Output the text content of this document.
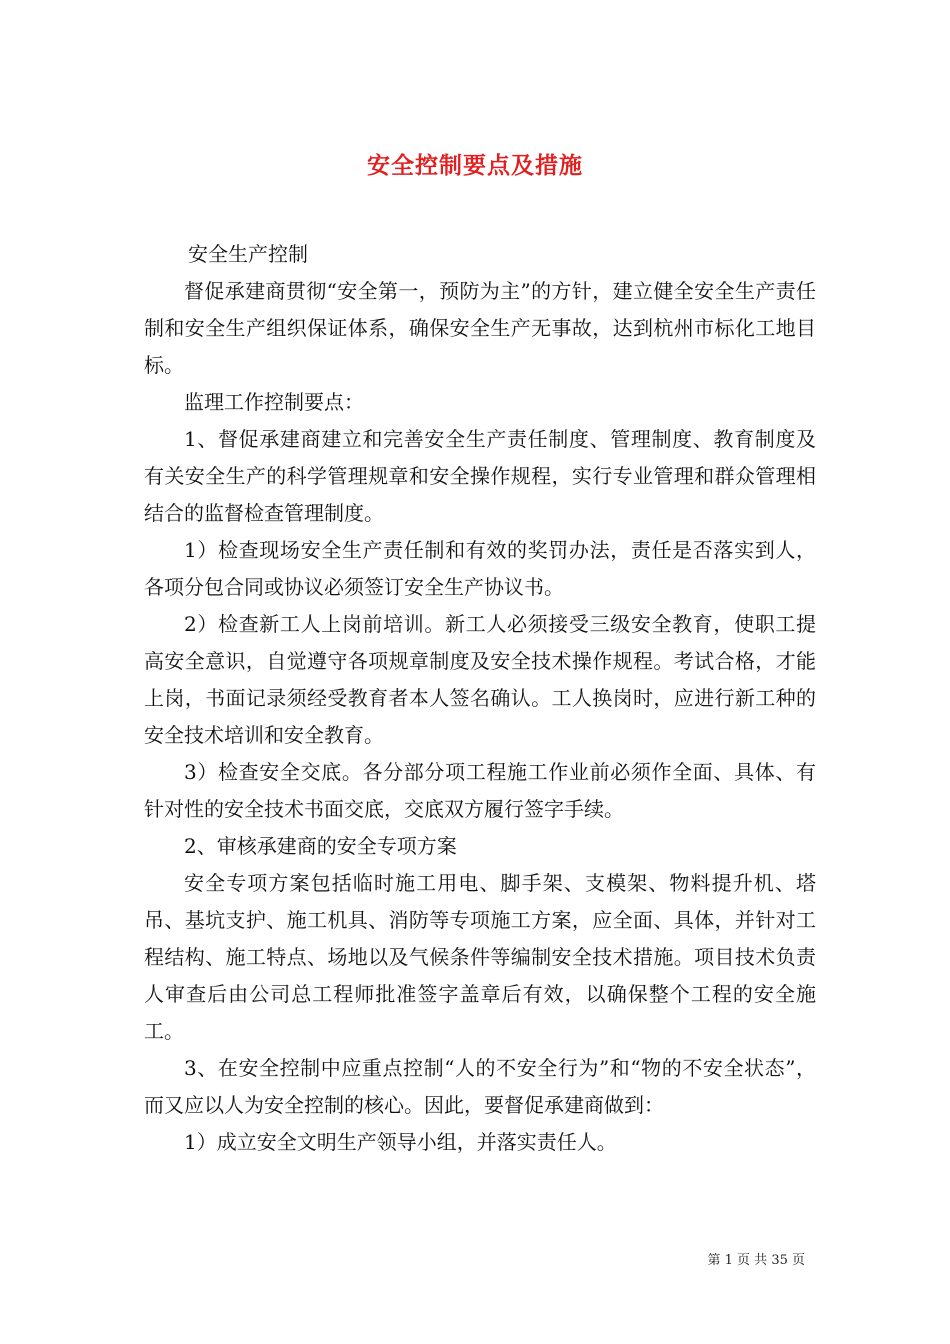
安全控制要点及措施

安全生产控制

督促承建商贯彻“安全第一，预防为主”的方针，建立健全安全生产责任制和安全生产组织保证体系，确保安全生产无事故，达到杭州市标化工地目标。

监理工作控制要点：

1、督促承建商建立和完善安全生产责任制度、管理制度、教育制度及有关安全生产的科学管理规章和安全操作规程，实行专业管理和群众管理相结合的监督检查管理制度。

1）检查现场安全生产责任制和有效的奖罚办法，责任是否落实到人，各项分包合同或协议必须签订安全生产协议书。

2）检查新工人上岗前培训。新工人必须接受三级安全教育，使职工提高安全意识，自觉遵守各项规章制度及安全技术操作规程。考试合格，才能上岗，书面记录须经受教育者本人签名确认。工人换岗时，应进行新工种的安全技术培训和安全教育。

3）检查安全交底。各分部分项工程施工作业前必须作全面、具体、有针对性的安全技术书面交底，交底双方履行签字手续。

2、审核承建商的安全专项方案

安全专项方案包括临时施工用电、脚手架、支模架、物料提升机、塔吊、基坑支护、施工机具、消防等专项施工方案，应全面、具体，并针对工程结构、施工特点、场地以及气候条件等编制安全技术措施。项目技术负责人审查后由公司总工程师批准签字盖章后有效，以确保整个工程的安全施工。

3、在安全控制中应重点控制“人的不安全行为”和“物的不安全状态”，而又应以人为安全控制的核心。因此，要督促承建商做到：

1）成立安全文明生产领导小组，并落实责任人。

第 1 页 共 35 页
